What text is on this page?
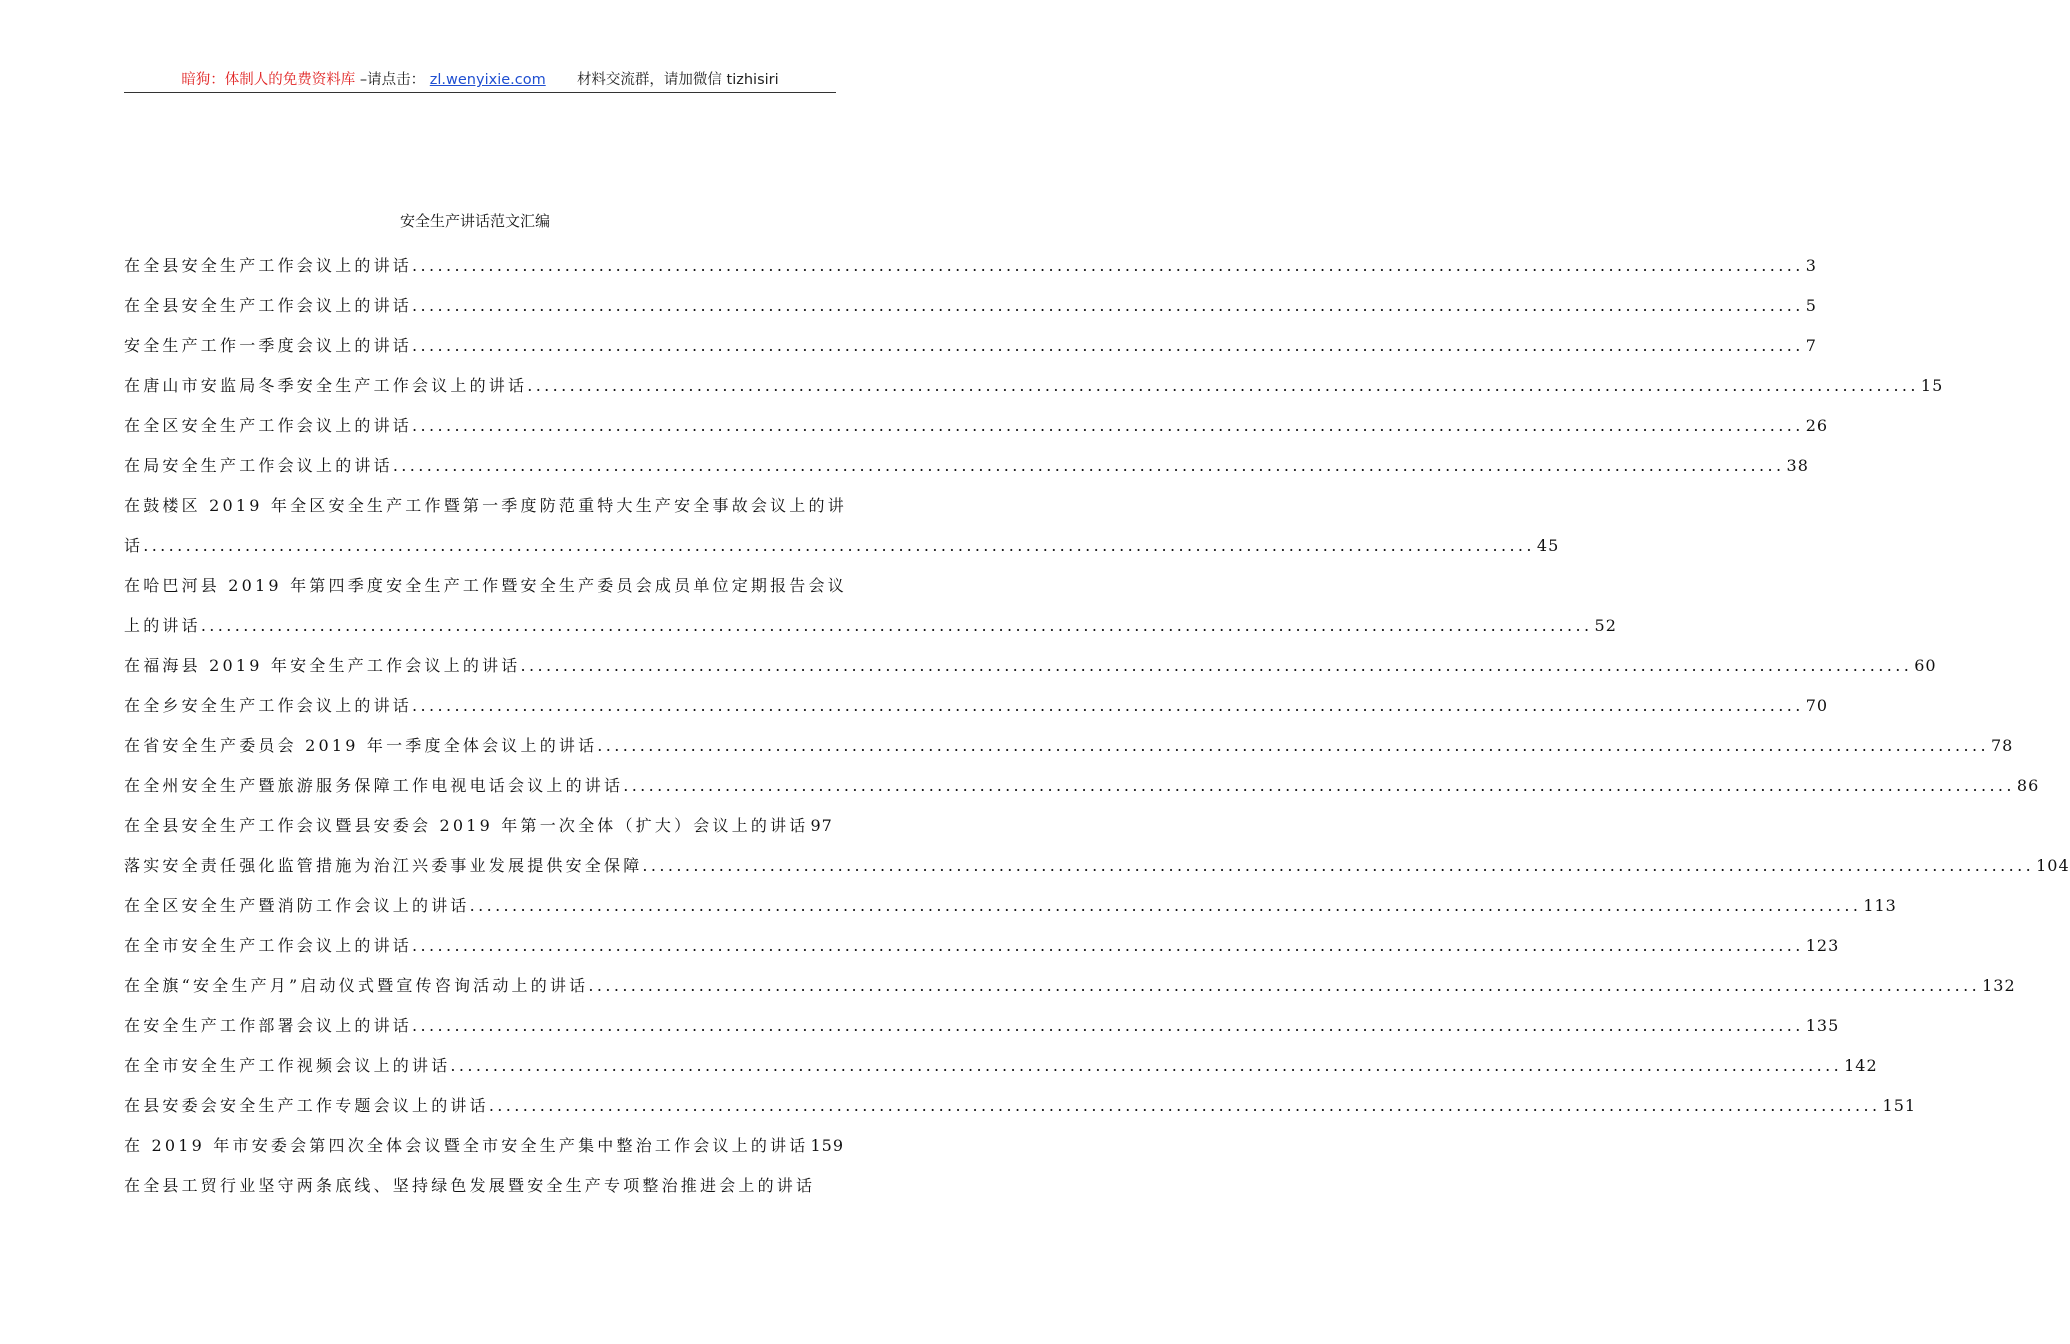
暗狗：体制人的免费资料库 –请点击： zl.wenyixie.com 材料交流群，请加微信 tizhisiri
安全生产讲话范文汇编
在全县安全生产工作会议上的讲话 .....	3
在全县安全生产工作会议上的讲话 .....	5
安全生产工作一季度会议上的讲话 .....	7
在唐山市安监局冬季安全生产工作会议上的讲话 .....	15
在全区安全生产工作会议上的讲话 .....	26
在局安全生产工作会议上的讲话 .....	38
在鼓楼区 2019 年全区安全生产工作暨第一季度防范重特大生产安全事故会议上的讲
话 .....	45
在哈巴河县 2019 年第四季度安全生产工作暨安全生产委员会成员单位定期报告会议
上的讲话 .....	52
在福海县 2019 年安全生产工作会议上的讲话 .....	60
在全乡安全生产工作会议上的讲话 .....	70
在省安全生产委员会 2019 年一季度全体会议上的讲话 .....	78
在全州安全生产暨旅游服务保障工作电视电话会议上的讲话 .....	86
在全县安全生产工作会议暨县安委会 2019 年第一次全体（扩大）会议上的讲话 97
落实安全责任强化监管措施为治江兴委事业发展提供安全保障 .....	104
在全区安全生产暨消防工作会议上的讲话 .....	113
在全市安全生产工作会议上的讲话 .....	123
在全旗“安全生产月”启动仪式暨宣传咨询活动上的讲话 .....	132
在安全生产工作部署会议上的讲话 .....	135
在全市安全生产工作视频会议上的讲话 .....	142
在县安委会安全生产工作专题会议上的讲话 .....	151
在 2019 年市安委会第四次全体会议暨全市安全生产集中整治工作会议上的讲话 159
在全县工贸行业坚守两条底线、坚持绿色发展暨安全生产专项整治推进会上的讲话
